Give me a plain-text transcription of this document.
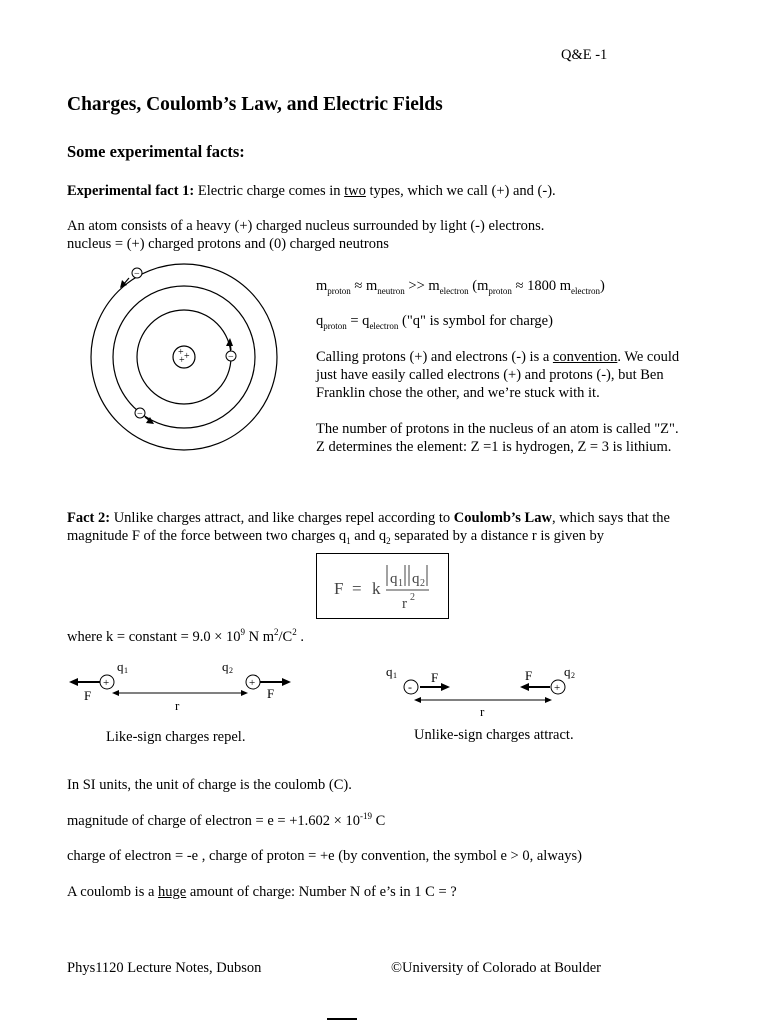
Q&E -1
Charges, Coulomb’s Law, and Electric Fields
Some experimental facts:
Experimental fact 1: Electric charge comes in two types, which we call (+) and (-).
An atom consists of a heavy (+) charged nucleus surrounded by light (-) electrons.
nucleus = (+) charged protons and (0) charged neutrons
+ +
+
−
−
−
$m_{proton} \approx m_{neutron} >> m_{electron}$ ($m_{proton} \approx 1800$ $m_{electron}$)
$q_{proton} = q_{electron}$ ("q" is symbol for charge)
Calling protons (+) and electrons (-) is a convention. We could
just have easily called electrons (+) and protons (-), but Ben
Franklin chose the other, and we’re stuck with it.
The number of protons in the nucleus of an atom is called "Z".
Z determines the element: Z =1 is hydrogen, Z = 3 is lithium.
Fact 2: Unlike charges attract, and like charges repel according to Coulomb’s Law, which says that the
magnitude F of the force between two charges $q_1$ and $q_2$ separated by a distance r is given by
F = k q 1 q 2
r 2
where k = constant = $9.0 \times 10^9$ N $m^2/C^2$ .
q 1	q 2
+
F
+
F
r
Like-sign charges repel.
q 1	q 2
-
F	F
+
r
Unlike-sign charges attract.
In SI units, the unit of charge is the coulomb (C).
magnitude of charge of electron = $e = +1.602 \times 10^{-19}$ C
charge of electron = -e , charge of proton = +e (by convention, the symbol e > 0, always)
A coulomb is a huge amount of charge: Number N of e’s in 1 C = ?
Phys1120 Lecture Notes, Dubson	©University of Colorado at Boulder
